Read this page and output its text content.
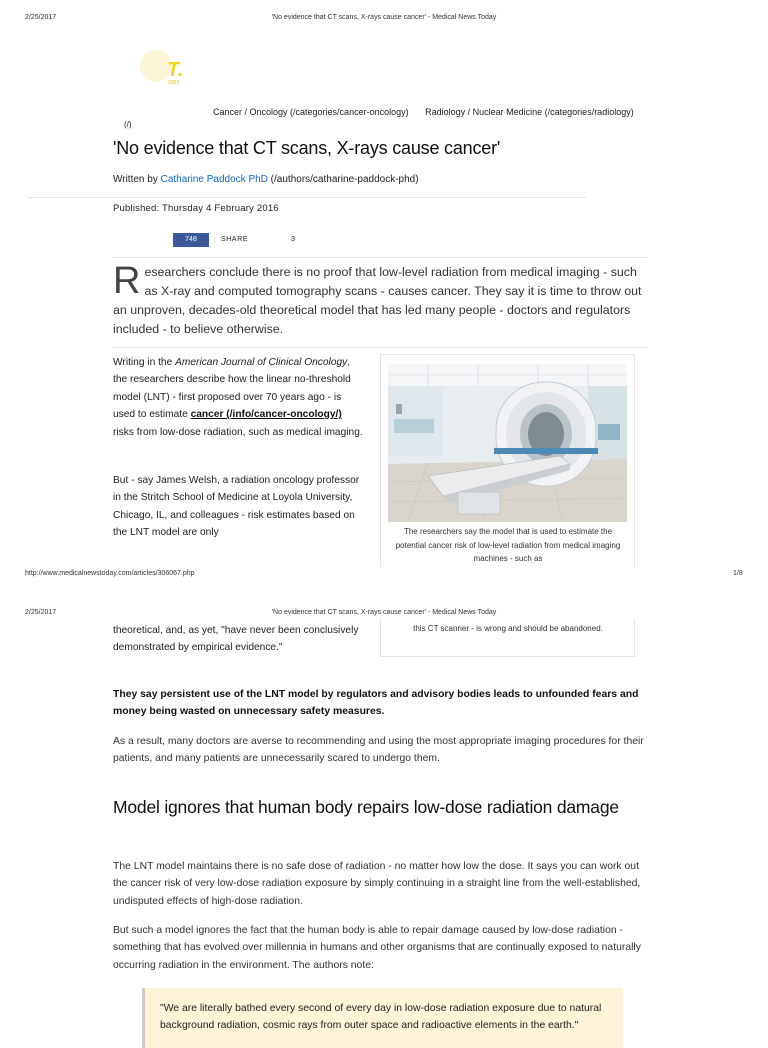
2/25/2017	'No evidence that CT scans, X-rays cause cancer' - Medical News Today
T.
2003
Cancer / Oncology (/categories/cancer-oncology) Radiology / Nuclear Medicine (/categories/radiology)
(/)
'No evidence that CT scans, X-rays cause cancer'
Written by Catharine Paddock PhD (/authors/catharine-paddock-phd)
Published: Thursday 4 February 2016
748	SHARE	3
Researchers conclude there is no proof that low-level radiation from medical imaging - such as X-ray and computed tomography scans - causes cancer. They say it is time to throw out an unproven, decades-old theoretical model that has led many people - doctors and regulators included - to believe otherwise.
Writing in the American Journal of Clinical Oncology, the researchers describe how the linear no-threshold model (LNT) - first proposed over 70 years ago - is used to estimate cancer (/info/cancer-oncology/) risks from low-dose radiation, such as medical imaging.
But - say James Welsh, a radiation oncology professor in the Stritch School of Medicine at Loyola University, Chicago, IL, and colleagues - risk estimates based on the LNT model are only	The researchers say the model that is used to estimate the potential cancer risk of low-level radiation from medical imaging machines - such as
http://www.medicalnewstoday.com/articles/306067.php	1/8
2/25/2017	'No evidence that CT scans, X-rays cause cancer' - Medical News Today
this CT scanner - is wrong and should be abandoned.
theoretical, and, as yet, "have never been conclusively demonstrated by empirical evidence."
They say persistent use of the LNT model by regulators and advisory bodies leads to unfounded fears and money being wasted on unnecessary safety measures.
As a result, many doctors are averse to recommending and using the most appropriate imaging procedures for their patients, and many patients are unnecessarily scared to undergo them.
Model ignores that human body repairs low-dose radiation damage
The LNT model maintains there is no safe dose of radiation - no matter how low the dose. It says you can work out the cancer risk of very low-dose radiation exposure by simply continuing in a straight line from the well-established, undisputed effects of high-dose radiation.
But such a model ignores the fact that the human body is able to repair damage caused by low-dose radiation - something that has evolved over millennia in humans and other organisms that are continually exposed to naturally occurring radiation in the environment. The authors note:
"We are literally bathed every second of every day in low-dose radiation exposure due to natural background radiation, cosmic rays from outer space and radioactive elements in the earth."
